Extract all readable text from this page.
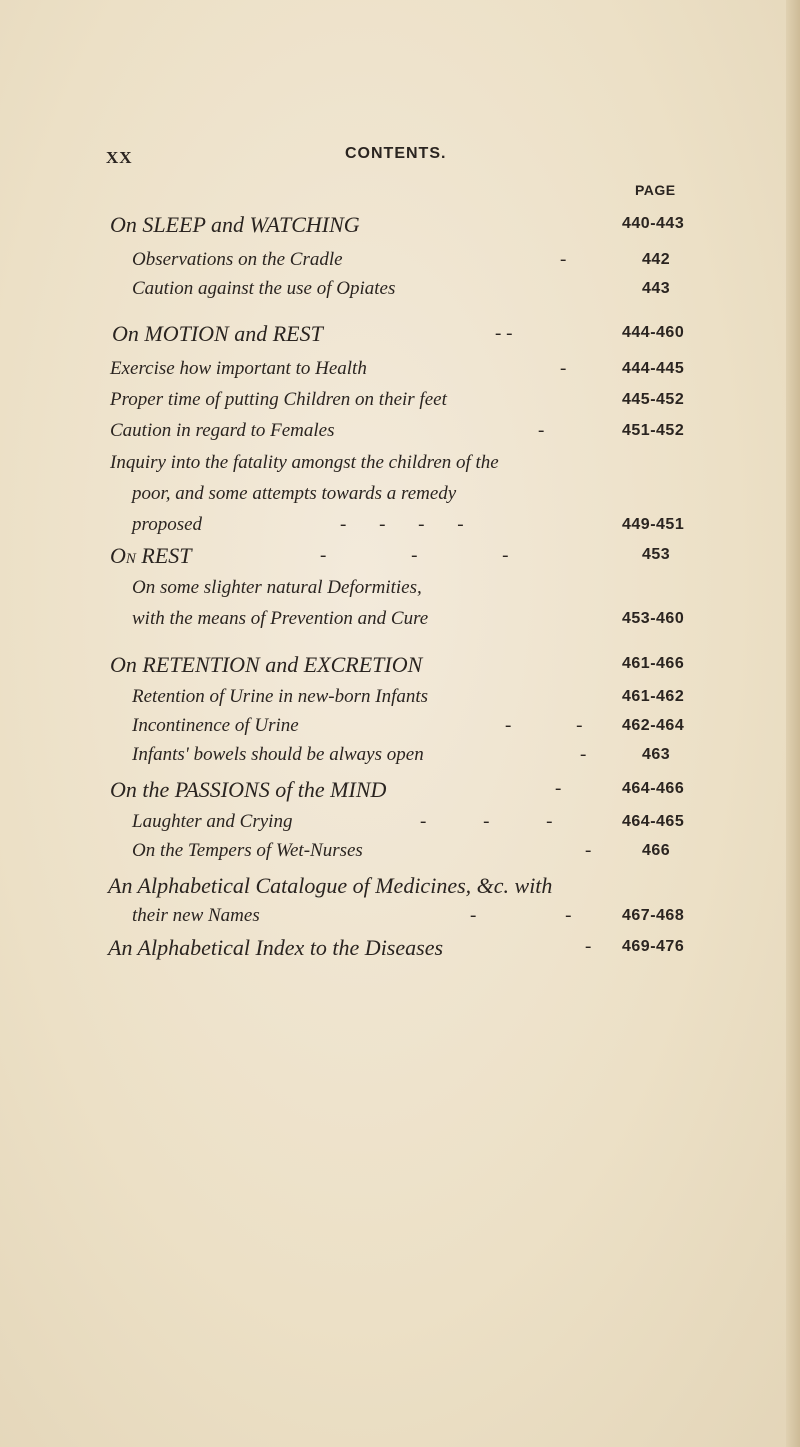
XX	CONTENTS.
PAGE
On SLEEP and WATCHING	440-443
Observations on the Cradle	-	442
Caution against the use of Opiates	443
On MOTION and REST	- -	444-460
Exercise how important to Health	-	444-445
Proper time of putting Children on their feet	445-452
Caution in regard to Females	-	451-452
Inquiry into the fatality amongst the children of the
poor, and some attempts towards a remedy
proposed	- - - -	449-451
On REST	- - -	453
On some slighter natural Deformities,
with the means of Prevention and Cure	453-460
On RETENTION and EXCRETION	461-466
Retention of Urine in new-born Infants	461-462
Incontinence of Urine	- - 462-464
Infants' bowels should be always open	-	463
On the PASSIONS of the MIND	-	464-466
Laughter and Crying	- - -	464-465
On the Tempers of Wet-Nurses	-	466
An Alphabetical Catalogue of Medicines, &c. with
their new Names	- - 467-468
An Alphabetical Index to the Diseases	- 469-476
